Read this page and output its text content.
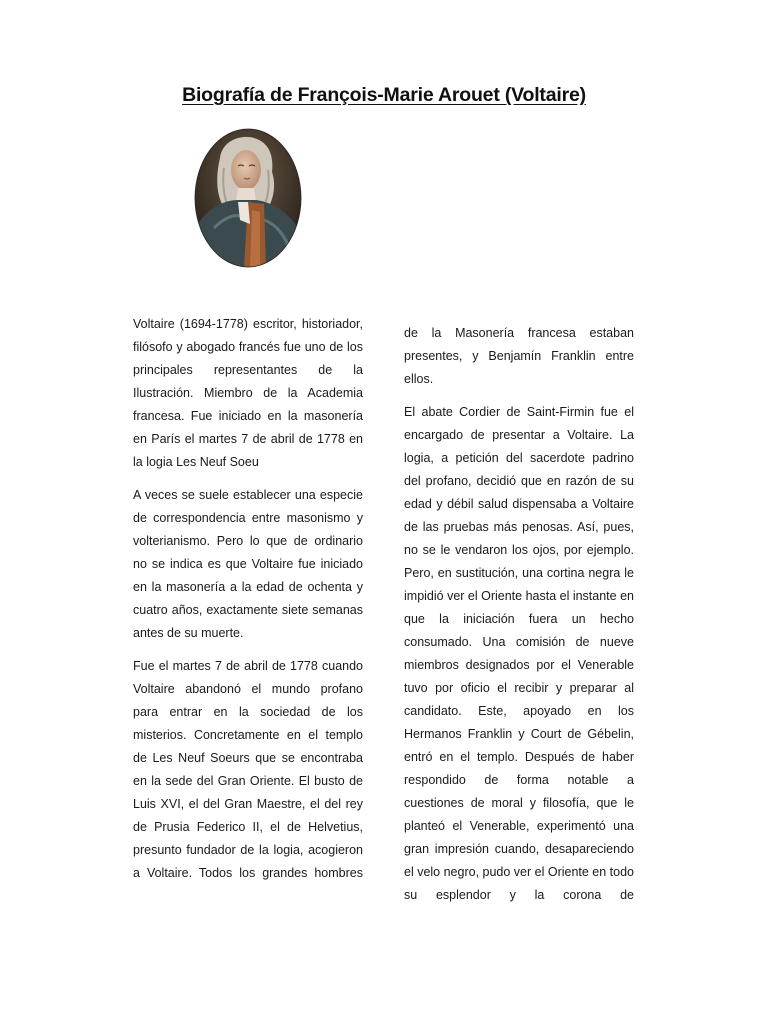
Biografía de François-Marie Arouet (Voltaire)

Voltaire (1694-1778) escritor, historiador, filósofo y abogado francés fue uno de los principales representantes de la Ilustración. Miembro de la Academia francesa. Fue iniciado en la masonería en París el martes 7 de abril de 1778 en la logia Les Neuf Soeu

A veces se suele establecer una especie de correspondencia entre masonismo y volterianismo. Pero lo que de ordinario no se indica es que Voltaire fue iniciado en la masonería a la edad de ochenta y cuatro años, exactamente siete semanas antes de su muerte.

Fue el martes 7 de abril de 1778 cuando Voltaire abandonó el mundo profano para entrar en la sociedad de los misterios. Concretamente en el templo de Les Neuf Soeurs que se encontraba en la sede del Gran Oriente. El busto de Luis XVI, el del Gran Maestre, el del rey de Prusia Federico II, el de Helvetius, presunto fundador de la logia, acogieron a Voltaire. Todos los grandes hombres

de la Masonería francesa estaban presentes, y Benjamín Franklin entre ellos.

El abate Cordier de Saint-Firmin fue el encargado de presentar a Voltaire. La logia, a petición del sacerdote padrino del profano, decidió que en razón de su edad y débil salud dispensaba a Voltaire de las pruebas más penosas. Así, pues, no se le vendaron los ojos, por ejemplo. Pero, en sustitución, una cortina negra le impidió ver el Oriente hasta el instante en que la iniciación fuera un hecho consumado. Una comisión de nueve miembros designados por el Venerable tuvo por oficio el recibir y preparar al candidato. Este, apoyado en los Hermanos Franklin y Court de Gébelin, entró en el templo. Después de haber respondido de forma notable a cuestiones de moral y filosofía, que le planteó el Venerable, experimentó una gran impresión cuando, desapareciendo el velo negro, pudo ver el Oriente en todo su esplendor y la corona de
